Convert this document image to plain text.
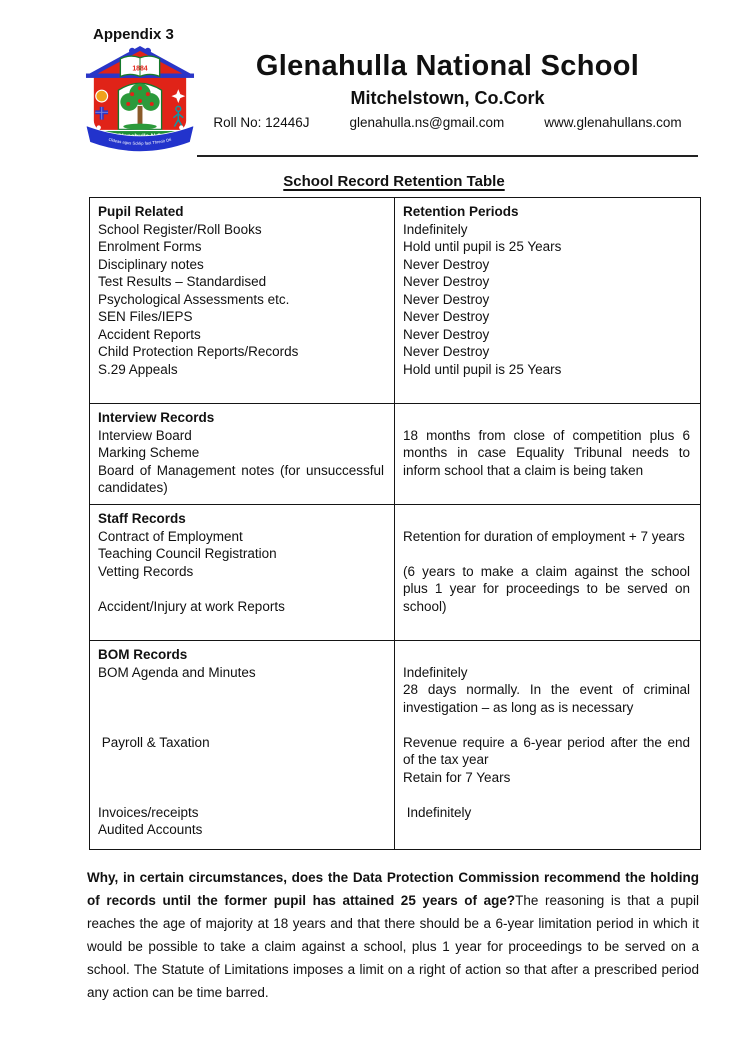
Appendix 3
1884
Oideas agus Scléip faoi Threoir Dé
Glenahulla National School
Mitchelstown, Co.Cork
Roll No: 12446J	glenahulla.ns@gmail.com	www.glenahullans.com
School Record Retention Table
Pupil Related
School Register/Roll Books
Enrolment Forms
Disciplinary notes
Test Results – Standardised
Psychological Assessments etc.
SEN Files/IEPS
Accident Reports
Child Protection Reports/Records
S.29 Appeals
Retention Periods
Indefinitely
Hold until pupil is 25 Years
Never Destroy
Never Destroy
Never Destroy
Never Destroy
Never Destroy
Never Destroy
Hold until pupil is 25 Years
Interview Records
Interview Board
Marking Scheme
Board of Management notes (for unsuccessful candidates)
18 months from close of competition plus 6 months in case Equality Tribunal needs to inform school that a claim is being taken
Staff Records
Contract of Employment
Teaching Council Registration
Vetting Records
Accident/Injury at work Reports
Retention for duration of employment + 7 years
(6 years to make a claim against the school plus 1 year for proceedings to be served on school)
BOM Records
BOM Agenda and Minutes
Payroll & Taxation
Invoices/receipts
Audited Accounts
Indefinitely
28 days normally. In the event of criminal investigation – as long as is necessary
Revenue require a 6-year period after the end of the tax year
Retain for 7 Years
Indefinitely

Why, in certain circumstances, does the Data Protection Commission recommend the holding of records until the former pupil has attained 25 years of age?The reasoning is that a pupil reaches the age of majority at 18 years and that there should be a 6-year limitation period in which it would be possible to take a claim against a school, plus 1 year for proceedings to be served on a school. The Statute of Limitations imposes a limit on a right of action so that after a prescribed period any action can be time barred.
